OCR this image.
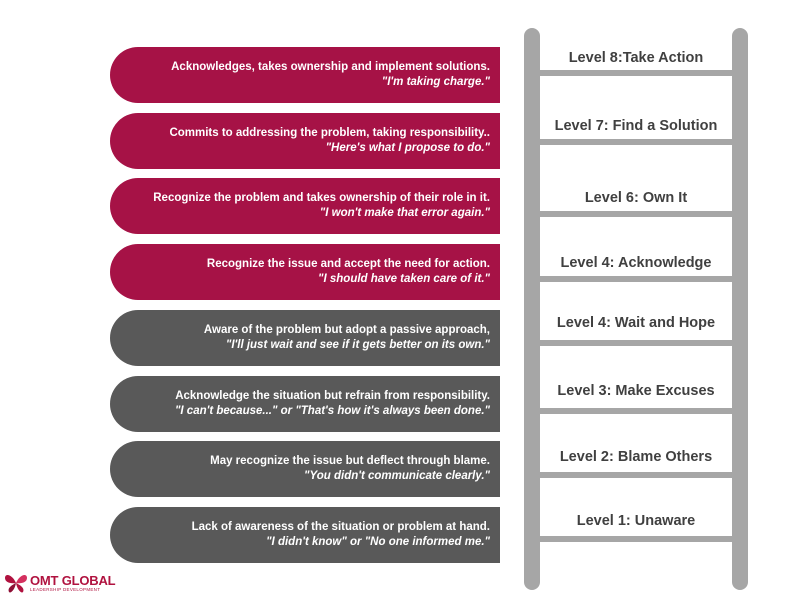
Level 8:Take Action
Level 7: Find a Solution
Level 6: Own It
Level 4: Acknowledge
Level 4: Wait and Hope
Level 3: Make Excuses
Level 2: Blame Others
Level 1: Unaware
Acknowledges, takes ownership and implement solutions.
"I'm taking charge."
Commits to addressing the problem, taking responsibility..
"Here's what I propose to do."
Recognize the problem and takes ownership of their role in it.
"I won't make that error again."
Recognize the issue and accept the need for action.
"I should have taken care of it."
Aware of the problem but adopt a passive approach,
"I'll just wait and see if it gets better on its own."
Acknowledge the situation but refrain from responsibility.
"I can't because..." or "That's how it's always been done."
May recognize the issue but deflect through blame.
"You didn't communicate clearly."
Lack of awareness of the situation or problem at hand.
"I didn't know" or "No one informed me."
OMT GLOBAL
LEADERSHIP DEVELOPMENT
